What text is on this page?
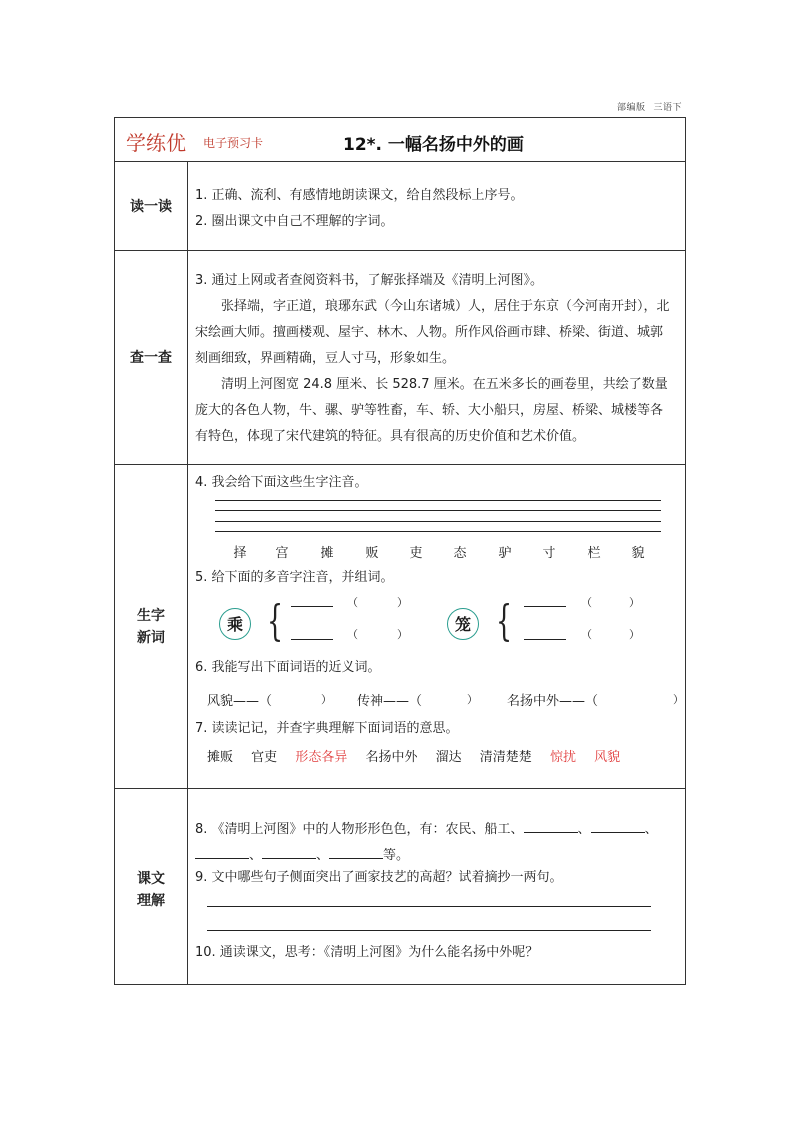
部编版 三语下
学练优 电子预习卡	12*. 一幅名扬中外的画
读一读

1. 正确、流利、有感情地朗读课文，给自然段标上序号。

2. 圈出课文中自己不理解的字词。

查一查

3. 通过上网或者查阅资料书，了解张择端及《清明上河图》。

张择端，字正道，琅琊东武（今山东诸城）人，居住于东京（今河南开封），北宋绘画大师。擅画楼观、屋宇、林木、人物。所作风俗画市肆、桥梁、街道、城郭刻画细致，界画精确，豆人寸马，形象如生。

清明上河图宽 24.8 厘米、长 528.7 厘米。在五米多长的画卷里，共绘了数量庞大的各色人物，牛、骡、驴等牲畜，车、轿、大小船只，房屋、桥梁、城楼等各有特色，体现了宋代建筑的特征。具有很高的历史价值和艺术价值。

生字
新词
4. 我会给下面这些生字注音。
择 宫 摊 贩 吏 态 驴 寸 栏 貌
5. 给下面的多音字注音，并组词。
乘 {	（	）
（	）
笼 {	（	）
（	）
6. 我能写出下面词语的近义词。
风貌——（	） 传神——（	） 名扬中外——（	）
7. 读读记记，并查字典理解下面词语的意思。
摊贩 官吏 形态各异 名扬中外 溜达 清清楚楚 惊扰 风貌
课文
理解

8. 《清明上河图》中的人物形形色色，有：农民、船工、	、	、

、	、	等。

9. 文中哪些句子侧面突出了画家技艺的高超？试着摘抄一两句。
10. 通读课文，思考：《清明上河图》为什么能名扬中外呢？
